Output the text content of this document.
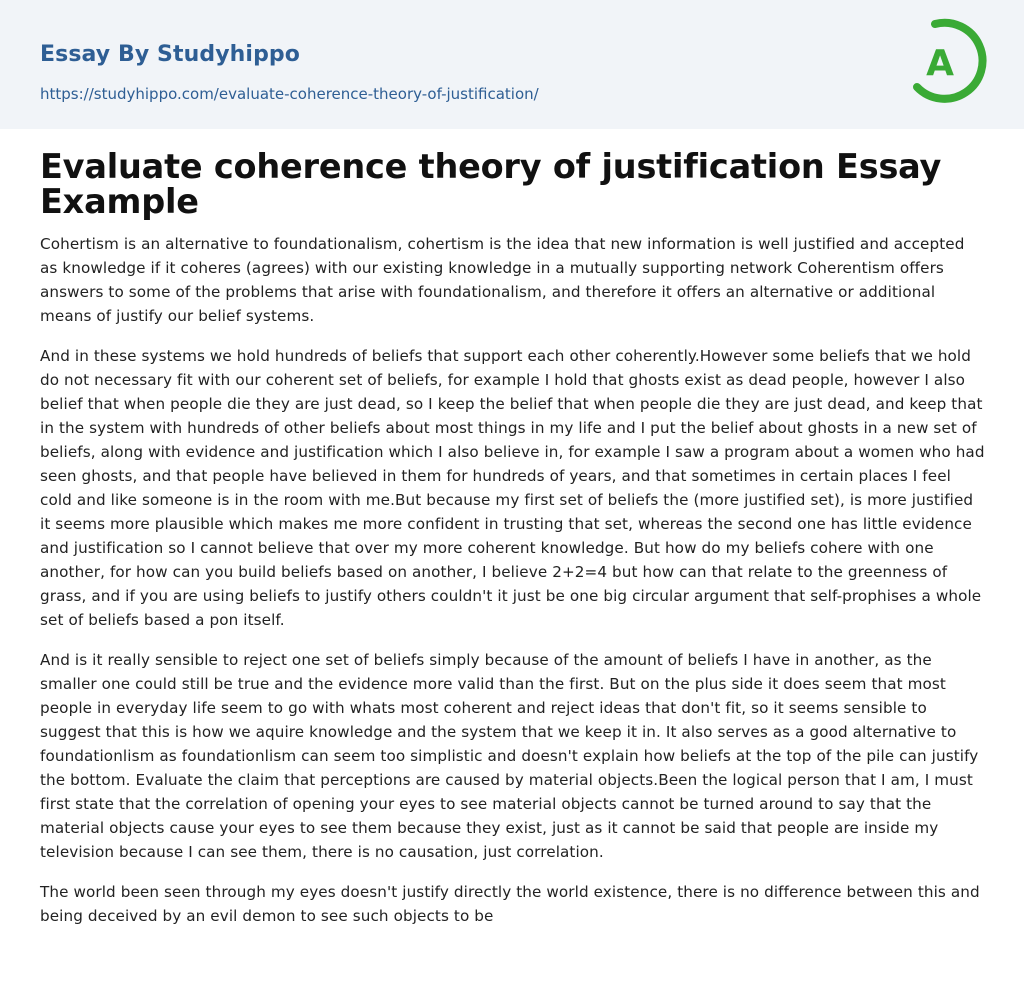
Essay By Studyhippo
https://studyhippo.com/evaluate-coherence-theory-of-justification/
A
Evaluate coherence theory of justification Essay Example

Cohertism is an alternative to foundationalism, cohertism is the idea that new information is well justified and accepted as knowledge if it coheres (agrees) with our existing knowledge in a mutually supporting network Coherentism offers answers to some of the problems that arise with foundationalism, and therefore it offers an alternative or additional means of justify our belief systems.

And in these systems we hold hundreds of beliefs that support each other coherently.However some beliefs that we hold do not necessary fit with our coherent set of beliefs, for example I hold that ghosts exist as dead people, however I also belief that when people die they are just dead, so I keep the belief that when people die they are just dead, and keep that in the system with hundreds of other beliefs about most things in my life and I put the belief about ghosts in a new set of beliefs, along with evidence and justification which I also believe in, for example I saw a program about a women who had seen ghosts, and that people have believed in them for hundreds of years, and that sometimes in certain places I feel cold and like someone is in the room with me.But because my first set of beliefs the (more justified set), is more justified it seems more plausible which makes me more confident in trusting that set, whereas the second one has little evidence and justification so I cannot believe that over my more coherent knowledge. But how do my beliefs cohere with one another, for how can you build beliefs based on another, I believe 2+2=4 but how can that relate to the greenness of grass, and if you are using beliefs to justify others couldn't it just be one big circular argument that self-prophises a whole set of beliefs based a pon itself.

And is it really sensible to reject one set of beliefs simply because of the amount of beliefs I have in another, as the smaller one could still be true and the evidence more valid than the first. But on the plus side it does seem that most people in everyday life seem to go with whats most coherent and reject ideas that don't fit, so it seems sensible to suggest that this is how we aquire knowledge and the system that we keep it in. It also serves as a good alternative to foundationlism as foundationlism can seem too simplistic and doesn't explain how beliefs at the top of the pile can justify the bottom. Evaluate the claim that perceptions are caused by material objects.Been the logical person that I am, I must first state that the correlation of opening your eyes to see material objects cannot be turned around to say that the material objects cause your eyes to see them because they exist, just as it cannot be said that people are inside my television because I can see them, there is no causation, just correlation.

The world been seen through my eyes doesn't justify directly the world existence, there is no difference between this and being deceived by an evil demon to see such objects to be
